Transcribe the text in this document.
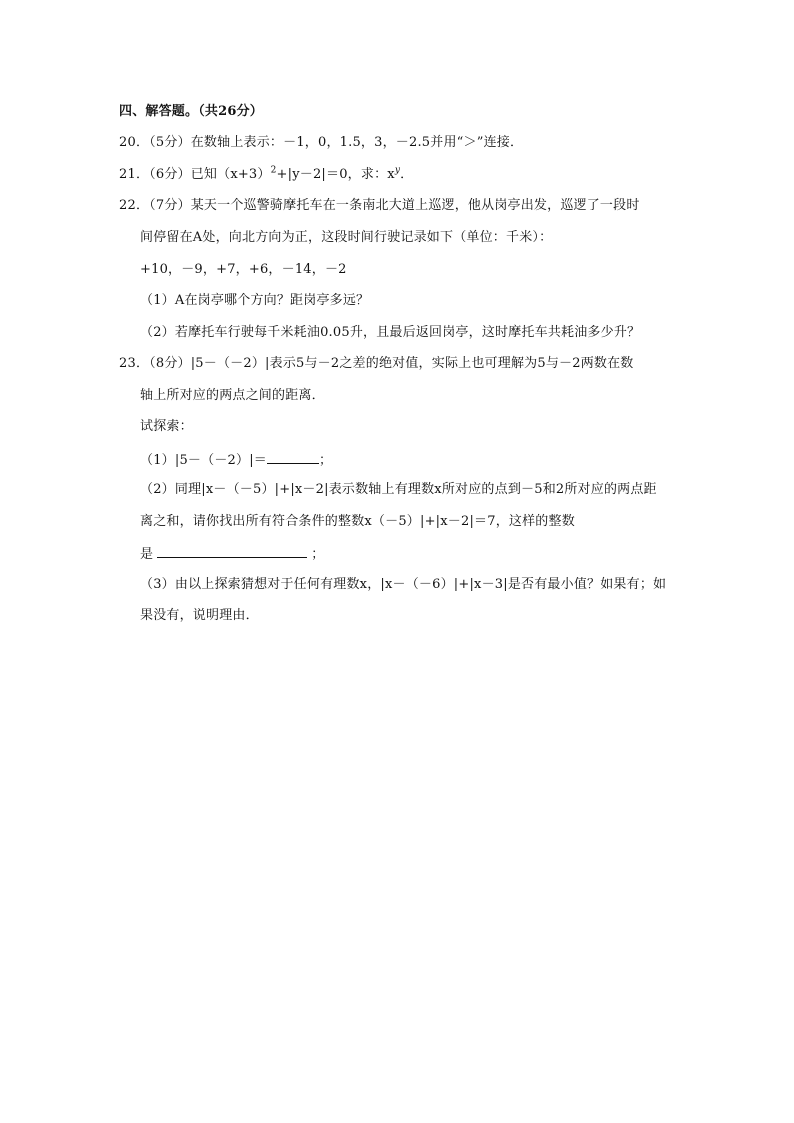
四、解答题。（共26分）
20．（5分）在数轴上表示：－1，0，1.5，3，－2.5并用“＞”连接．
21．（6分）已知$(x+3)^2+|y-2|=0$，求：$x^y$．
22．（7分）某天一个巡警骑摩托车在一条南北大道上巡逻，他从岗亭出发，巡逻了一段时
间停留在A处，向北方向为正，这段时间行驶记录如下（单位：千米）：
+10，－9，+7，+6，－14，－2
（1）A在岗亭哪个方向？距岗亭多远？
（2）若摩托车行驶每千米耗油0.05升，且最后返回岗亭，这时摩托车共耗油多少升？
23．（8分）|5－（－2）|表示5与－2之差的绝对值，实际上也可理解为5与－2两数在数
轴上所对应的两点之间的距离．
试探索：
（1）|5－（－2）|＝	；
（2）同理|x－（－5）|+|x－2|表示数轴上有理数x所对应的点到－5和2所对应的两点距
离之和，请你找出所有符合条件的整数x（－5）|+|x－2|＝7，这样的整数
是	；
（3）由以上探索猜想对于任何有理数x，|x－（－6）|+|x－3|是否有最小值？如果有；如
果没有，说明理由．
